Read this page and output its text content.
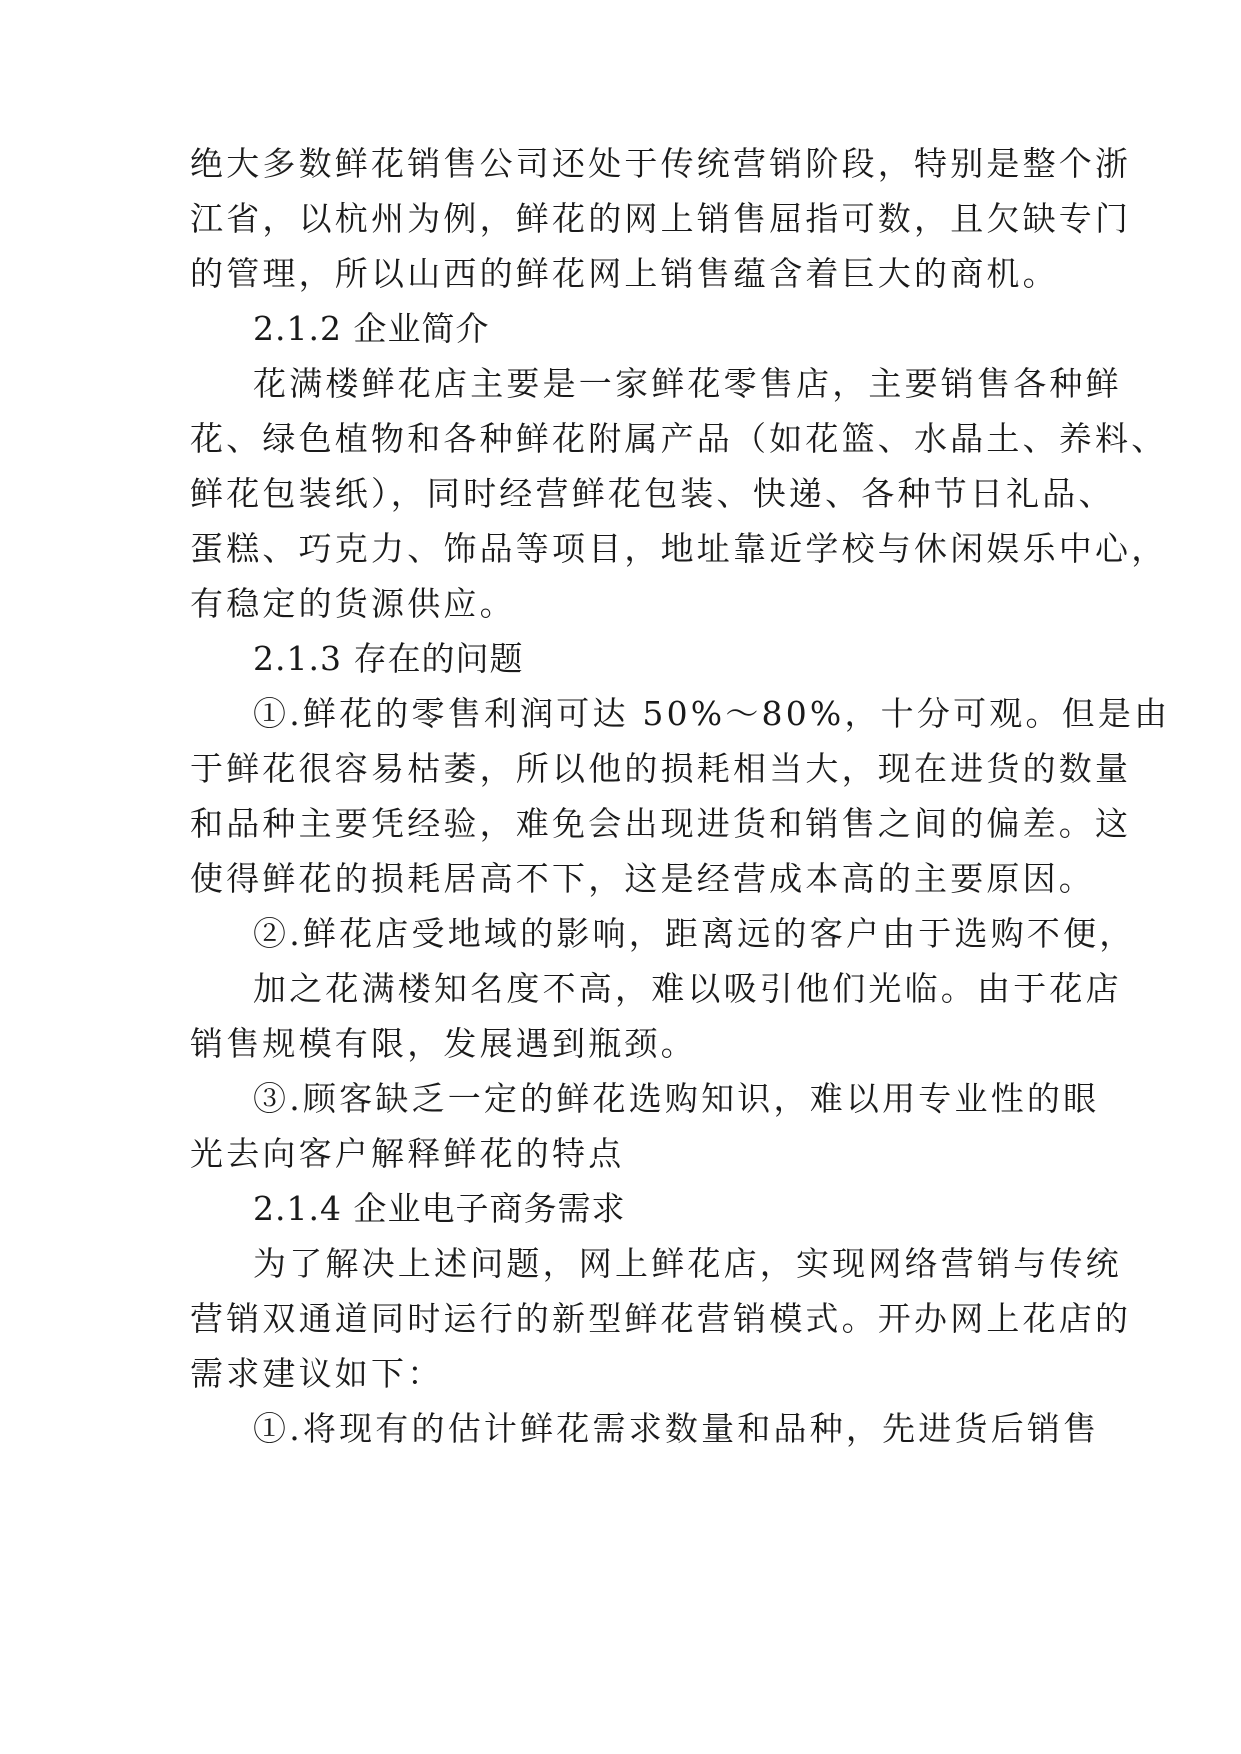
绝大多数鲜花销售公司还处于传统营销阶段，特别是整个浙
江省，以杭州为例，鲜花的网上销售屈指可数，且欠缺专门
的管理，所以山西的鲜花网上销售蕴含着巨大的商机。
2.1.2 企业简介
花满楼鲜花店主要是一家鲜花零售店，主要销售各种鲜
花、绿色植物和各种鲜花附属产品（如花篮、水晶土、养料、
鲜花包装纸），同时经营鲜花包装、快递、各种节日礼品、
蛋糕、巧克力、饰品等项目，地址靠近学校与休闲娱乐中心，
有稳定的货源供应。
2.1.3 存在的问题
①.鲜花的零售利润可达 50%～80%，十分可观。但是由
于鲜花很容易枯萎，所以他的损耗相当大，现在进货的数量
和品种主要凭经验，难免会出现进货和销售之间的偏差。这
使得鲜花的损耗居高不下，这是经营成本高的主要原因。
②.鲜花店受地域的影响，距离远的客户由于选购不便，
加之花满楼知名度不高，难以吸引他们光临。由于花店
销售规模有限，发展遇到瓶颈。
③.顾客缺乏一定的鲜花选购知识，难以用专业性的眼
光去向客户解释鲜花的特点
2.1.4 企业电子商务需求
为了解决上述问题，网上鲜花店，实现网络营销与传统
营销双通道同时运行的新型鲜花营销模式。开办网上花店的
需求建议如下：
①.将现有的估计鲜花需求数量和品种，先进货后销售
